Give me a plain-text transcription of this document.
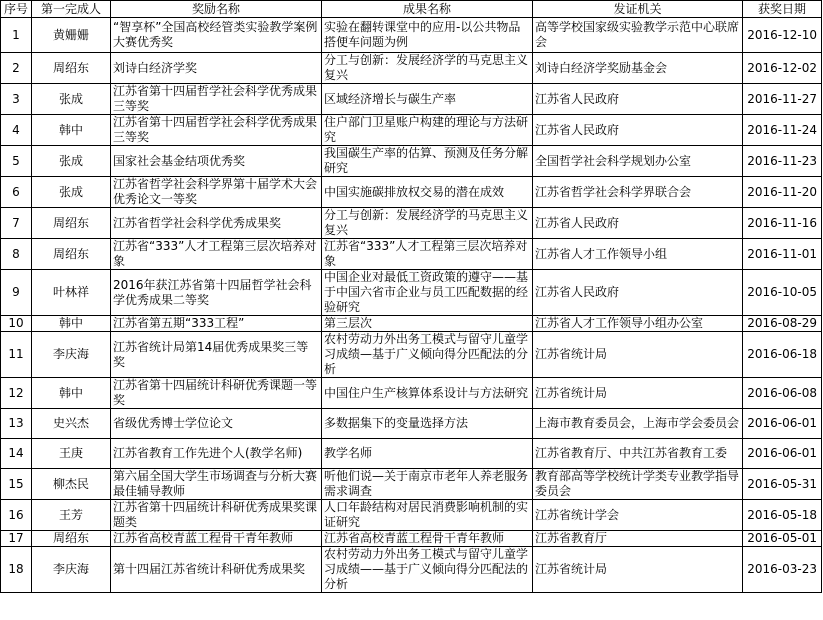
序号	第一完成人	奖励名称	成果名称	发证机关	获奖日期
1	黄姗姗	“智享杯”全国高校经管类实验教学案例大赛优秀奖	实验在翻转课堂中的应用-以公共物品搭便车问题为例	高等学校国家级实验教学示范中心联席会	2016-12-10
2	周绍东	刘诗白经济学奖	分工与创新：发展经济学的马克思主义复兴	刘诗白经济学奖励基金会	2016-12-02
3	张成	江苏省第十四届哲学社会科学优秀成果三等奖	区域经济增长与碳生产率	江苏省人民政府	2016-11-27
4	韩中	江苏省第十四届哲学社会科学优秀成果三等奖	住户部门卫星账户构建的理论与方法研究	江苏省人民政府	2016-11-24
5	张成	国家社会基金结项优秀奖	我国碳生产率的估算、预测及任务分解研究	全国哲学社会科学规划办公室	2016-11-23
6	张成	江苏省哲学社会科学界第十届学术大会优秀论文一等奖	中国实施碳排放权交易的潜在成效	江苏省哲学社会科学界联合会	2016-11-20
7	周绍东	江苏省哲学社会科学优秀成果奖	分工与创新：发展经济学的马克思主义复兴	江苏省人民政府	2016-11-16
8	周绍东	江苏省“333”人才工程第三层次培养对象	江苏省“333”人才工程第三层次培养对象	江苏省人才工作领导小组	2016-11-01
9	叶林祥	2016年获江苏省第十四届哲学社会科学优秀成果二等奖	中国企业对最低工资政策的遵守——基于中国六省市企业与员工匹配数据的经验研究	江苏省人民政府	2016-10-05
10	韩中	江苏省第五期“333工程”	第三层次	江苏省人才工作领导小组办公室	2016-08-29
11	李庆海	江苏省统计局第14届优秀成果奖三等奖	农村劳动力外出务工模式与留守儿童学习成绩—基于广义倾向得分匹配法的分析	江苏省统计局	2016-06-18
12	韩中	江苏省第十四届统计科研优秀课题一等奖	中国住户生产核算体系设计与方法研究	江苏省统计局	2016-06-08
13	史兴杰	省级优秀博士学位论文	多数据集下的变量选择方法	上海市教育委员会，上海市学会委员会	2016-06-01
14	王庚	江苏省教育工作先进个人(教学名师)	教学名师	江苏省教育厅、中共江苏省教育工委	2016-06-01
15	柳杰民	第六届全国大学生市场调查与分析大赛最佳辅导教师	听他们说—关于南京市老年人养老服务需求调查	教育部高等学校统计学类专业教学指导委员会	2016-05-31
16	王芳	江苏省第十四届统计科研优秀成果奖课题类	人口年龄结构对居民消费影响机制的实证研究	江苏省统计学会	2016-05-18
17	周绍东	江苏省高校青蓝工程骨干青年教师	江苏省高校青蓝工程骨干青年教师	江苏省教育厅	2016-05-01
18	李庆海	第十四届江苏省统计科研优秀成果奖	农村劳动力外出务工模式与留守儿童学习成绩——基于广义倾向得分匹配法的分析	江苏省统计局	2016-03-23
